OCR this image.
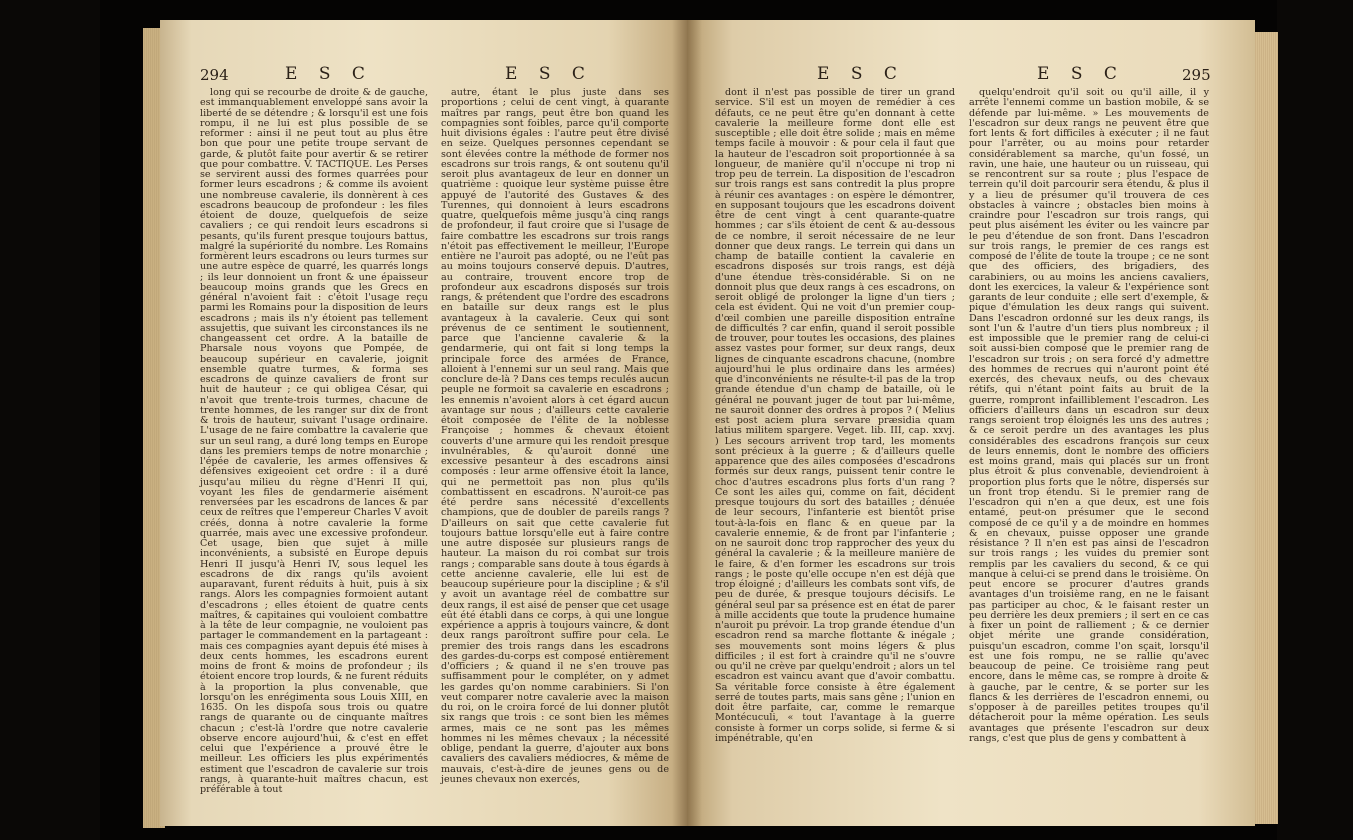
294	E S C	E S C

long qui se recourbe de droite & de gauche, est immanquablement enveloppé sans avoir la liberté de se détendre ; & lorsqu'il est une fois rompu, il ne lui est plus possible de se reformer : ainsi il ne peut tout au plus être bon que pour une petite troupe servant de garde, & plutôt faite pour avertir & se retirer que pour combattre. V. TACTIQUE. Les Perses se servirent aussi des formes quarrées pour former leurs escadrons ; & comme ils avoient une nombreuse cavalerie, ils donnèrent à ces escadrons beaucoup de profondeur : les files étoient de douze, quelquefois de seize cavaliers ; ce qui rendoit leurs escadrons si pesants, qu'ils furent presque toujours battus, malgré la supériorité du nombre. Les Romains formèrent leurs escadrons ou leurs turmes sur une autre espèce de quarré, les quarrés longs ; ils leur donnoient un front & une épaisseur beaucoup moins grands que les Grecs en général n'avoient fait : c'étoit l'usage reçu parmi les Romains pour la disposition de leurs escadrons ; mais ils n'y étoient pas tellement assujettis, que suivant les circonstances ils ne changeassent cet ordre. A la bataille de Pharsale nous voyons que Pompée, de beaucoup supérieur en cavalerie, joignit ensemble quatre turmes, & forma ses escadrons de quinze cavaliers de front sur huit de hauteur ; ce qui obligea César, qui n'avoit que trente-trois turmes, chacune de trente hommes, de les ranger sur dix de front & trois de hauteur, suivant l'usage ordinaire. L'usage de ne faire combattre la cavalerie que sur un seul rang, a duré long temps en Europe dans les premiers temps de notre monarchie ; l'épée de cavalerie, les armes offensives & défensives exigeoient cet ordre : il a duré jusqu'au milieu du règne d'Henri II qui, voyant les files de gendarmerie aisément renversées par les escadrons de lances & par ceux de reîtres que l'empereur Charles V avoit créés, donna à notre cavalerie la forme quarrée, mais avec une excessive profondeur. Cet usage, bien que sujet à mille inconvénients, a subsisté en Europe depuis Henri II jusqu'à Henri IV, sous lequel les escadrons de dix rangs qu'ils avoient auparavant, furent réduits à huit, puis à six rangs. Alors les compagnies formoient autant d'escadrons ; elles étoient de quatre cents maîtres, & capitaines qui vouloient combattre à la tête de leur compagnie, ne vouloient pas partager le commandement en la partageant : mais ces compagnies ayant depuis été mises à deux cents hommes, les escadrons eurent moins de front & moins de profondeur ; ils étoient encore trop lourds, & ne furent réduits à la proportion la plus convenable, que lorsqu'on les enrégimenta sous Louis XIII, en 1635. On les dispoſa sous trois ou quatre rangs de quarante ou de cinquante maîtres chacun ; c'est-là l'ordre que notre cavalerie observe encore aujourd'hui, & c'est en effet celui que l'expérience a prouvé être le meilleur. Les officiers les plus expérimentés estiment que l'escadron de cavalerie sur trois rangs, à quarante-huit maîtres chacun, est préférable à tout

autre, étant le plus juste dans ses proportions ; celui de cent vingt, à quarante maîtres par rangs, peut être bon quand les compagnies sont foibles, parce qu'il comporte huit divisions égales : l'autre peut être divisé en seize. Quelques personnes cependant se sont élevées contre la méthode de former nos escadrons sur trois rangs, & ont soutenu qu'il seroit plus avantageux de leur en donner un quatrième : quoique leur système puisse être appuyé de l'autorité des Gustaves & des Turennes, qui donnoient à leurs escadrons quatre, quelquefois même jusqu'à cinq rangs de profondeur, il faut croire que si l'usage de faire combattre les escadrons sur trois rangs n'étoit pas effectivement le meilleur, l'Europe entière ne l'auroit pas adopté, ou ne l'eût pas au moins toujours conservé depuis. D'autres, au contraire, trouvent encore trop de profondeur aux escadrons disposés sur trois rangs, & prétendent que l'ordre des escadrons en bataille sur deux rangs est le plus avantageux à la cavalerie. Ceux qui sont prévenus de ce sentiment le soutiennent, parce que l'ancienne cavalerie & la gendarmerie, qui ont fait si long temps la principale force des armées de France, alloient à l'ennemi sur un seul rang. Mais que conclure de-là ? Dans ces temps reculés aucun peuple ne formoit sa cavalerie en escadrons ; les ennemis n'avoient alors à cet égard aucun avantage sur nous ; d'ailleurs cette cavalerie étoit composée de l'élite de la noblesse Françoise ; hommes & chevaux étoient couverts d'une armure qui les rendoit presque invulnérables, & qu'auroit donné une excessive pesanteur à des escadrons ainsi composés : leur arme offensive étoit la lance, qui ne permettoit pas non plus qu'ils combattissent en escadrons. N'auroit-ce pas été perdre sans nécessité d'excellents champions, que de doubler de pareils rangs ? D'ailleurs on sait que cette cavalerie fut toujours battue lorsqu'elle eut à faire contre une autre disposée sur plusieurs rangs de hauteur. La maison du roi combat sur trois rangs ; comparable sans doute à tous égards à cette ancienne cavalerie, elle lui est de beaucoup supérieure pour la discipline ; & s'il y avoit un avantage réel de combattre sur deux rangs, il est aisé de penser que cet usage eût été établi dans ce corps, à qui une longue expérience a appris à toujours vaincre, & dont deux rangs paroîtront suffire pour cela. Le premier des trois rangs dans les escadrons des gardes-du-corps est composé entièrement d'officiers ; & quand il ne s'en trouve pas suffisamment pour le compléter, on y admet les gardes qu'on nomme carabiniers. Si l'on veut comparer notre cavalerie avec la maison du roi, on le croira forcé de lui donner plutôt six rangs que trois : ce sont bien les mêmes armes, mais ce ne sont pas les mêmes hommes ni les mêmes chevaux ; la nécessité oblige, pendant la guerre, d'ajouter aux bons cavaliers des cavaliers médiocres, & même de mauvais, c'est-à-dire de jeunes gens ou de jeunes chevaux non exercés,

E S C	E S C	295

dont il n'est pas possible de tirer un grand service. S'il est un moyen de remédier à ces défauts, ce ne peut être qu'en donnant à cette cavalerie la meilleure forme dont elle est susceptible ; elle doit être solide ; mais en même temps facile à mouvoir : & pour cela il faut que la hauteur de l'escadron soit proportionnée à sa longueur, de manière qu'il n'occupe ni trop ni trop peu de terrein. La disposition de l'escadron sur trois rangs est sans contredit la plus propre à réunir ces avantages : on espère le démontrer, en supposant toujours que les escadrons doivent être de cent vingt à cent quarante-quatre hommes ; car s'ils étoient de cent & au-dessous de ce nombre, il seroit nécessaire de ne leur donner que deux rangs. Le terrein qui dans un champ de bataille contient la cavalerie en escadrons disposés sur trois rangs, est déjà d'une étendue très-considérable. Si on ne donnoit plus que deux rangs à ces escadrons, on seroit obligé de prolonger la ligne d'un tiers ; cela est évident. Qui ne voit d'un premier coup-d'œil combien une pareille disposition entraîne de difficultés ? car enfin, quand il seroit possible de trouver, pour toutes les occasions, des plaines assez vastes pour former, sur deux rangs, deux lignes de cinquante escadrons chacune, (nombre aujourd'hui le plus ordinaire dans les armées) que d'inconvénients ne résulte-t-il pas de la trop grande étendue d'un champ de bataille, où le général ne pouvant juger de tout par lui-même, ne sauroit donner des ordres à propos ? ( Melius est post aciem plura servare præsidia quam latius militem spargere. Veget. lib. III, cap. xxvj. ) Les secours arrivent trop tard, les moments sont précieux à la guerre ; & d'ailleurs quelle apparence que des ailes composées d'escadrons formés sur deux rangs, puissent tenir contre le choc d'autres escadrons plus forts d'un rang ? Ce sont les ailes qui, comme on fait, décident presque toujours du sort des batailles ; dénuée de leur secours, l'infanterie est bientôt prise tout-à-la-fois en flanc & en queue par la cavalerie ennemie, & de front par l'infanterie ; on ne sauroit donc trop rapprocher des yeux du général la cavalerie ; & la meilleure manière de le faire, & d'en former les escadrons sur trois rangs ; le poste qu'elle occupe n'en est déjà que trop éloigné ; d'ailleurs les combats sont vifs, de peu de durée, & presque toujours décisifs. Le général seul par sa présence est en état de parer à mille accidents que toute la prudence humaine n'auroit pu prévoir. La trop grande étendue d'un escadron rend sa marche flottante & inégale ; ses mouvements sont moins légers & plus difficiles ; il est fort à craindre qu'il ne s'ouvre ou qu'il ne crève par quelqu'endroit ; alors un tel escadron est vaincu avant que d'avoir combattu. Sa véritable force consiste à être également serré de toutes parts, mais sans gêne ; l'union en doit être parfaite, car, comme le remarque Montécuculi, « tout l'avantage à la guerre consiste à former un corps solide, si ferme & si impénétrable, qu'en

quelqu'endroit qu'il soit ou qu'il aille, il y arrête l'ennemi comme un bastion mobile, & se défende par lui-même. » Les mouvements de l'escadron sur deux rangs ne peuvent être que fort lents & fort difficiles à exécuter ; il ne faut pour l'arrêter, ou au moins pour retarder considérablement sa marche, qu'un fossé, un ravin, une haie, une hauteur ou un ruisseau, qui se rencontrent sur sa route ; plus l'espace de terrein qu'il doit parcourir sera étendu, & plus il y a lieu de présumer qu'il trouvera de ces obstacles à vaincre ; obstacles bien moins à craindre pour l'escadron sur trois rangs, qui peut plus aisément les éviter ou les vaincre par le peu d'étendue de son front. Dans l'escadron sur trois rangs, le premier de ces rangs est composé de l'élite de toute la troupe ; ce ne sont que des officiers, des brigadiers, des carabiniers, ou au moins les anciens cavaliers, dont les exercices, la valeur & l'expérience sont garants de leur conduite ; elle sert d'exemple, & pique d'émulation les deux rangs qui suivent. Dans l'escadron ordonné sur les deux rangs, ils sont l'un & l'autre d'un tiers plus nombreux ; il est impossible que le premier rang de celui-ci soit aussi-bien composé que le premier rang de l'escadron sur trois ; on sera forcé d'y admettre des hommes de recrues qui n'auront point été exercés, des chevaux neufs, ou des chevaux rétifs, qui n'étant point faits au bruit de la guerre, rompront infailliblement l'escadron. Les officiers d'ailleurs dans un escadron sur deux rangs seroient trop éloignés les uns des autres ; & ce seroit perdre un des avantages les plus considérables des escadrons françois sur ceux de leurs ennemis, dont le nombre des officiers est moins grand, mais qui placés sur un front plus étroit & plus convenable, deviendroient à proportion plus forts que le nôtre, dispersés sur un front trop étendu. Si le premier rang de l'escadron qui n'en a que deux, est une fois entamé, peut-on présumer que le second composé de ce qu'il y a de moindre en hommes & en chevaux, puisse opposer une grande résistance ? Il n'en est pas ainsi de l'escadron sur trois rangs ; les vuides du premier sont remplis par les cavaliers du second, & ce qui manque à celui-ci se prend dans le troisième. On peut encore se procurer d'autres grands avantages d'un troisième rang, en ne le faisant pas participer au choc, & le faisant rester un peu derrière les deux premiers ; il sert en ce cas à fixer un point de ralliement ; & ce dernier objet mérite une grande considération, puisqu'un escadron, comme l'on sçait, lorsqu'il est une fois rompu, ne se rallie qu'avec beaucoup de peine. Ce troisième rang peut encore, dans le même cas, se rompre à droite & à gauche, par le centre, & se porter sur les flancs & les derrières de l'escadron ennemi, ou s'opposer à de pareilles petites troupes qu'il détacheroit pour la même opération. Les seuls avantages que présente l'escadron sur deux rangs, c'est que plus de gens y combattent à
